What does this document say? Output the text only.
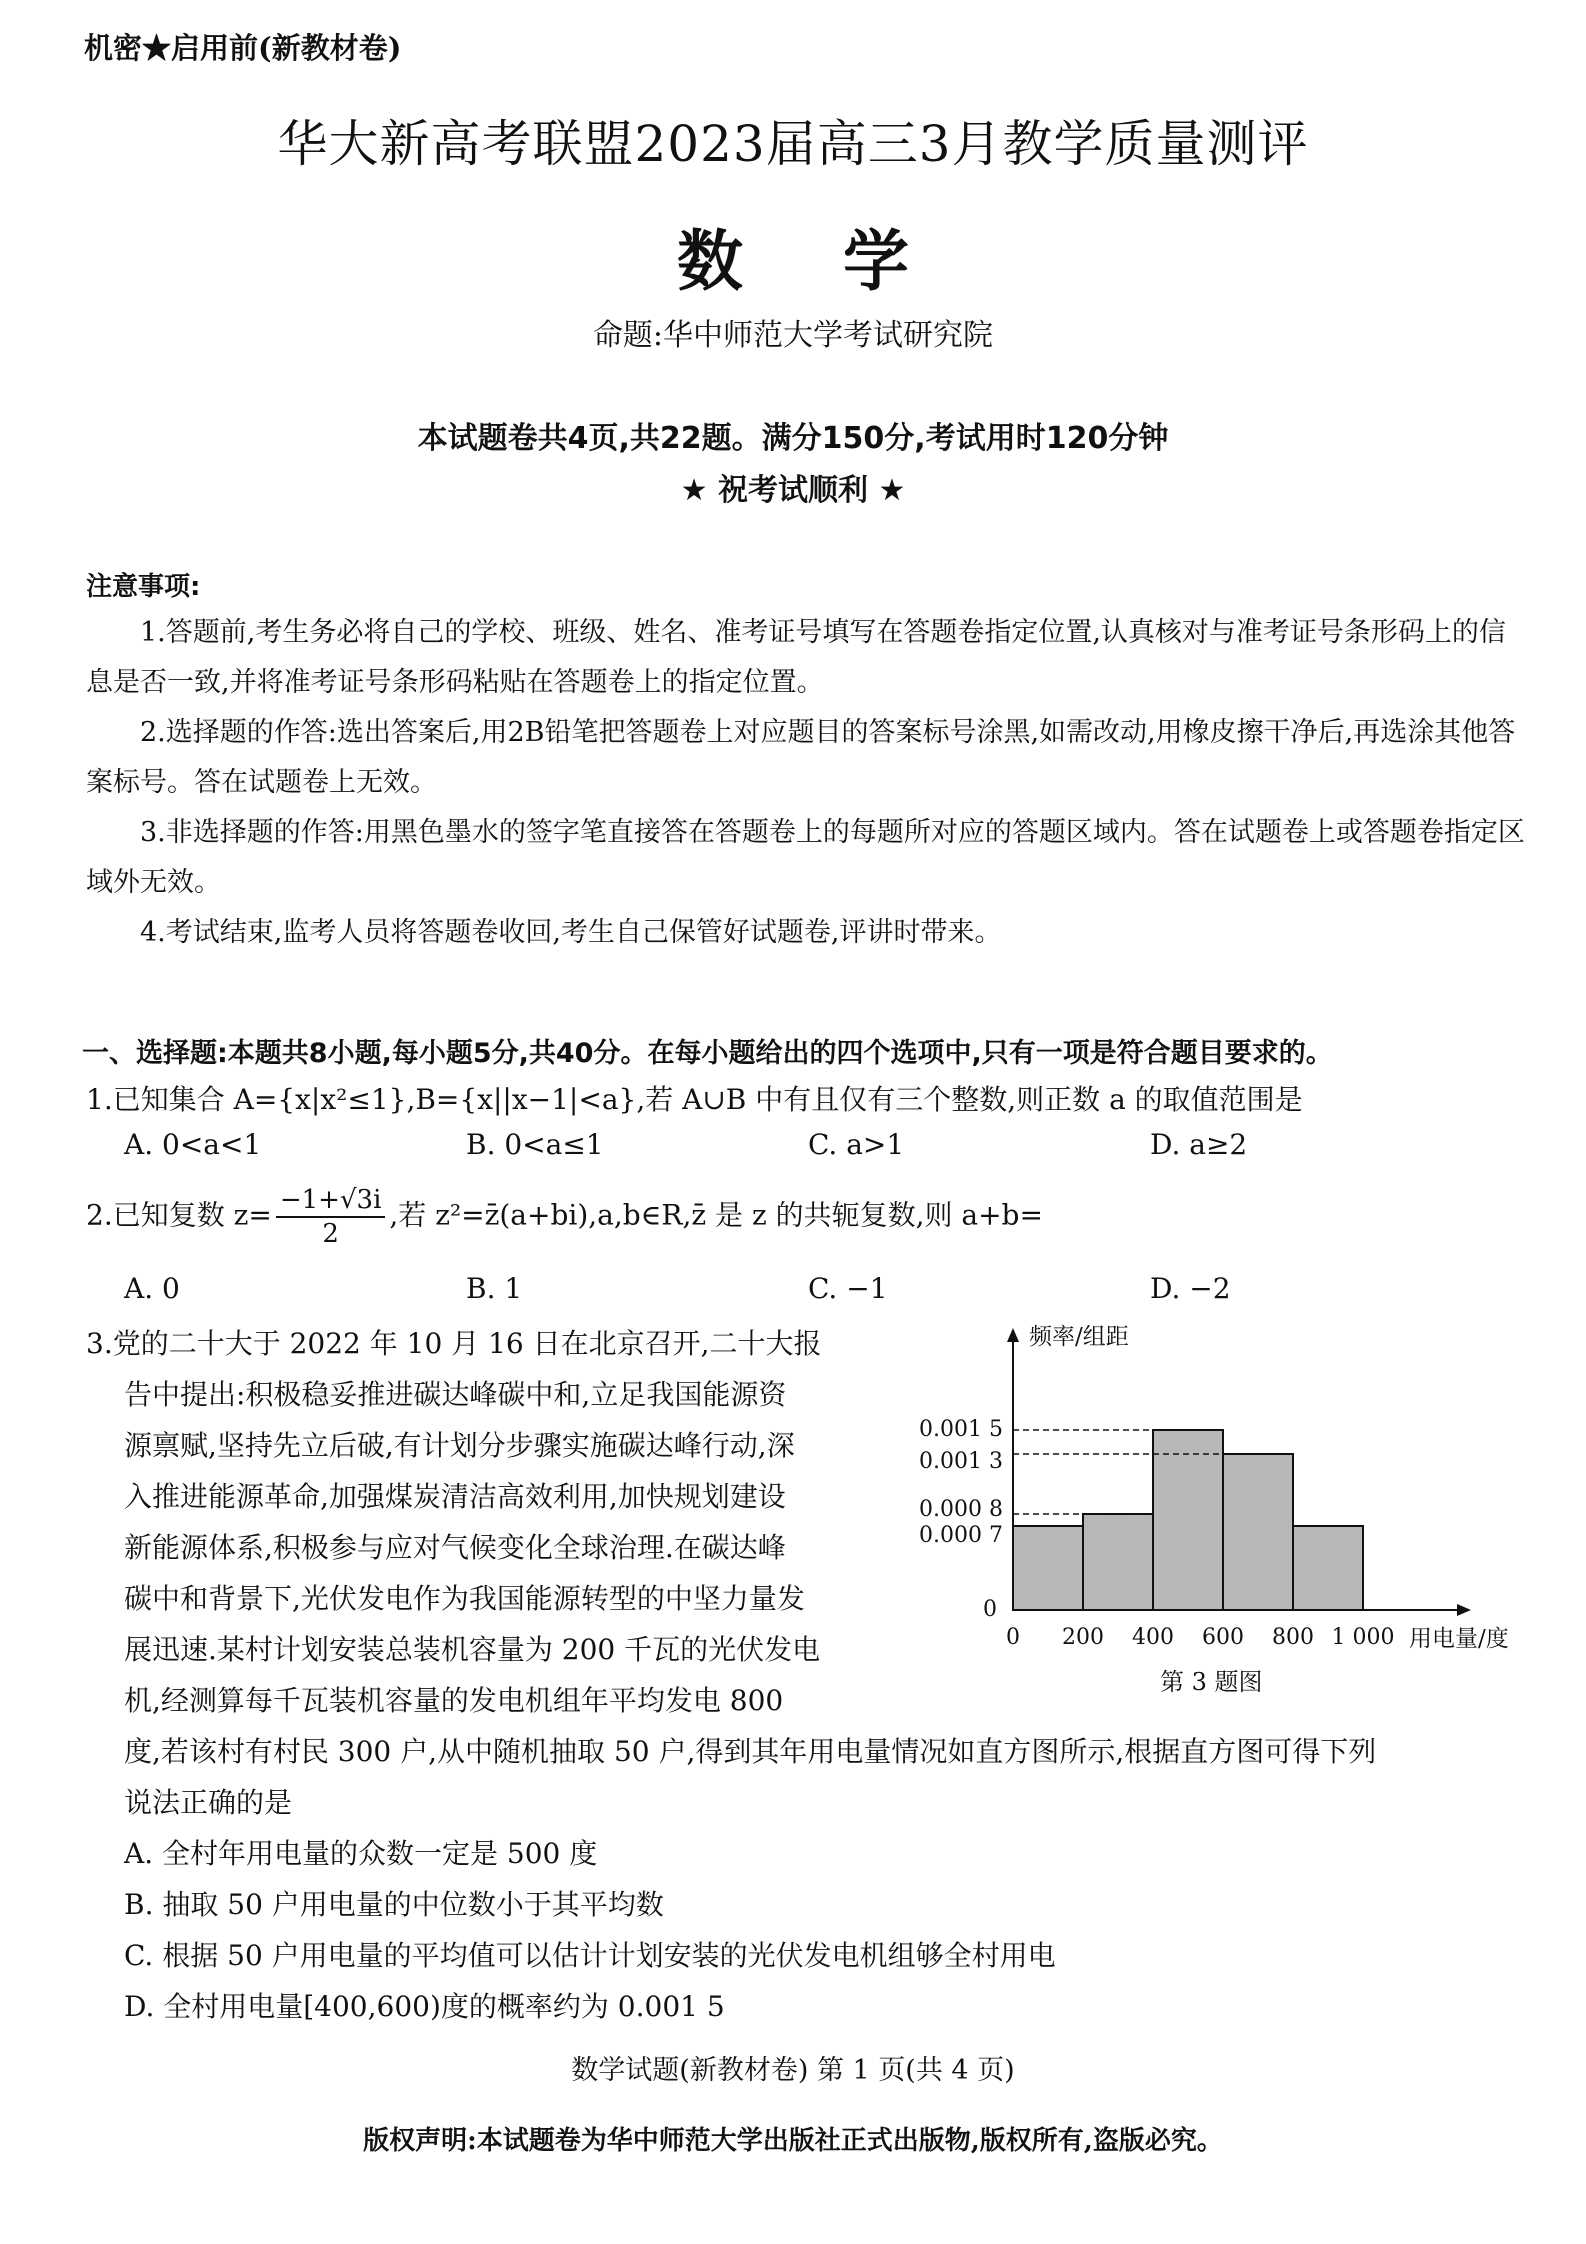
机密★启用前(新教材卷)
华大新高考联盟2023届高三3月教学质量测评
数学
命题:华中师范大学考试研究院
本试题卷共4页,共22题。满分150分,考试用时120分钟
★ 祝考试顺利 ★
注意事项:
1.答题前,考生务必将自己的学校、班级、姓名、准考证号填写在答题卷指定位置,认真核对与准考证号条形码上的信息是否一致,并将准考证号条形码粘贴在答题卷上的指定位置。
2.选择题的作答:选出答案后,用2B铅笔把答题卷上对应题目的答案标号涂黑,如需改动,用橡皮擦干净后,再选涂其他答案标号。答在试题卷上无效。
3.非选择题的作答:用黑色墨水的签字笔直接答在答题卷上的每题所对应的答题区域内。答在试题卷上或答题卷指定区域外无效。
4.考试结束,监考人员将答题卷收回,考生自己保管好试题卷,评讲时带来。
一、选择题:本题共8小题,每小题5分,共40分。在每小题给出的四个选项中,只有一项是符合题目要求的。
1.已知集合 A={x|x²≤1},B={x||x−1|<a},若 A∪B 中有且仅有三个整数,则正数 a 的取值范围是
A. 0<a<1	B. 0<a≤1	C. a>1	D. a≥2
2.已知复数 $z= \frac{-1+√3i}{2}$ ,若 z²=z̄(a+bi),a,b∈R,z̄ 是 z 的共轭复数,则 a+b=
A. 0	B. 1	C. −1	D. −2
3.党的二十大于 2022 年 10 月 16 日在北京召开,二十大报
告中提出:积极稳妥推进碳达峰碳中和,立足我国能源资
源禀赋,坚持先立后破,有计划分步骤实施碳达峰行动,深
入推进能源革命,加强煤炭清洁高效利用,加快规划建设
新能源体系,积极参与应对气候变化全球治理.在碳达峰
碳中和背景下,光伏发电作为我国能源转型的中坚力量发
展迅速.某村计划安装总装机容量为 200 千瓦的光伏发电
机,经测算每千瓦装机容量的发电机组年平均发电 800
度,若该村有村民 300 户,从中随机抽取 50 户,得到其年用电量情况如直方图所示,根据直方图可得下列
说法正确的是
A. 全村年用电量的众数一定是 500 度
B. 抽取 50 户用电量的中位数小于其平均数
C. 根据 50 户用电量的平均值可以估计计划安装的光伏发电机组够全村用电
D. 全村用电量[400,600)度的概率约为 0.001 5
0.000 7
0.000 8
0.001 3
0.001 5
0
0 200 400 600 800 1 000 用电量/度
频率/组距
第 3 题图
数学试题(新教材卷) 第 1 页(共 4 页)
版权声明:本试题卷为华中师范大学出版社正式出版物,版权所有,盗版必究。
